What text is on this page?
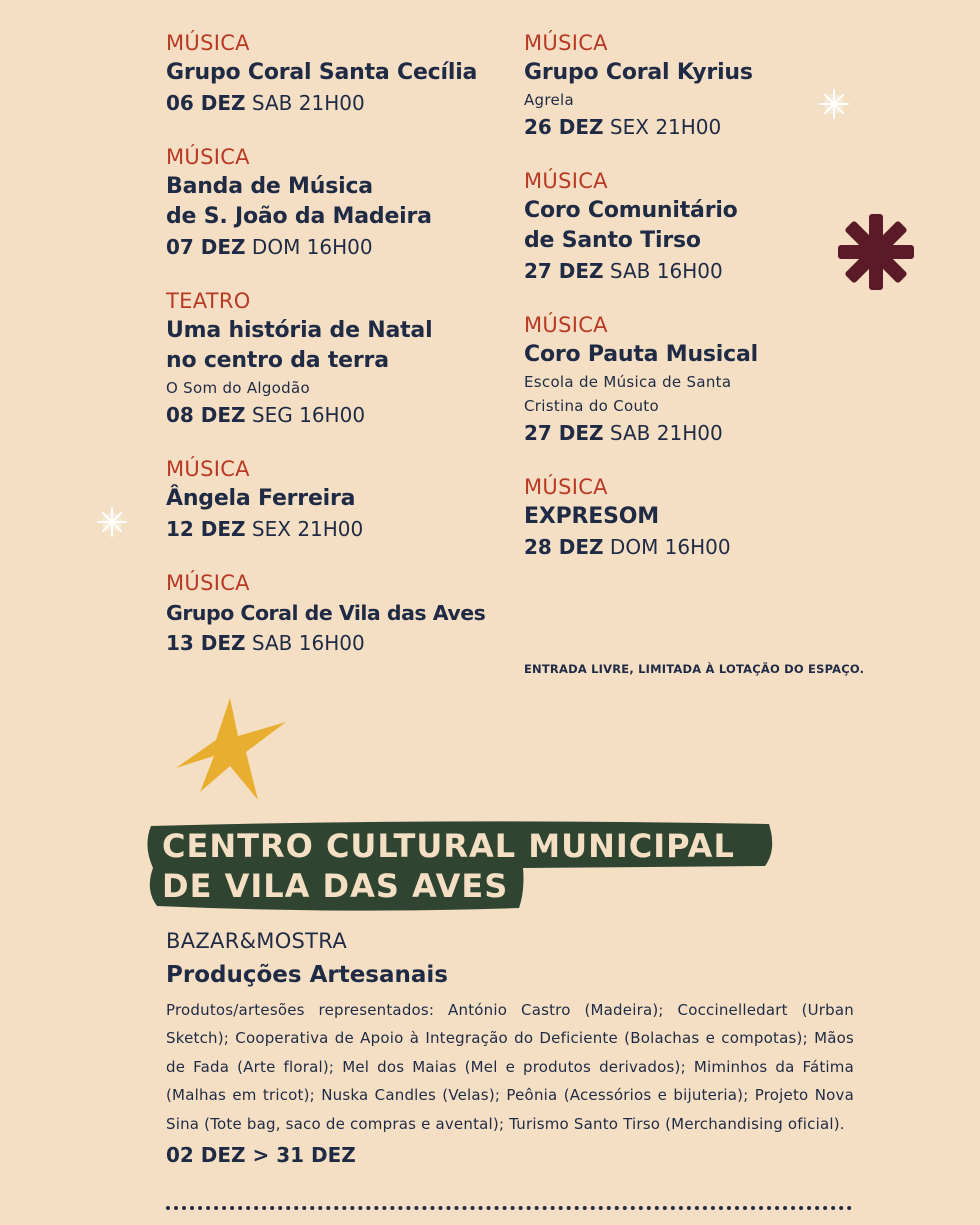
MÚSICA
Grupo Coral Santa Cecília
06 DEZ SAB 21H00
MÚSICA
Banda de Música
de S. João da Madeira
07 DEZ DOM 16H00
TEATRO
Uma história de Natal
no centro da terra
O Som do Algodão
08 DEZ SEG 16H00
MÚSICA
Ângela Ferreira
12 DEZ SEX 21H00
MÚSICA
Grupo Coral de Vila das Aves
13 DEZ SAB 16H00
MÚSICA
Grupo Coral Kyrius
Agrela
26 DEZ SEX 21H00
MÚSICA
Coro Comunitário
de Santo Tirso
27 DEZ SAB 16H00
MÚSICA
Coro Pauta Musical
Escola de Música de Santa
Cristina do Couto
27 DEZ SAB 21H00
MÚSICA
EXPRESOM
28 DEZ DOM 16H00
ENTRADA LIVRE, LIMITADA À LOTAÇÃO DO ESPAÇO.
CENTRO CULTURAL MUNICIPAL
DE VILA DAS AVES
BAZAR&MOSTRA
Produções Artesanais
Produtos/artesões representados: António Castro (Madeira); Coccinelledart (Urban Sketch); Cooperativa de Apoio à Integração do Deficiente (Bolachas e compotas); Mãos de Fada (Arte floral); Mel dos Maias (Mel e produtos derivados); Miminhos da Fátima (Malhas em tricot); Nuska Candles (Velas); Peônia (Acessórios e bijuteria); Projeto Nova Sina (Tote bag, saco de compras e avental); Turismo Santo Tirso (Merchandising oficial).
02 DEZ > 31 DEZ
